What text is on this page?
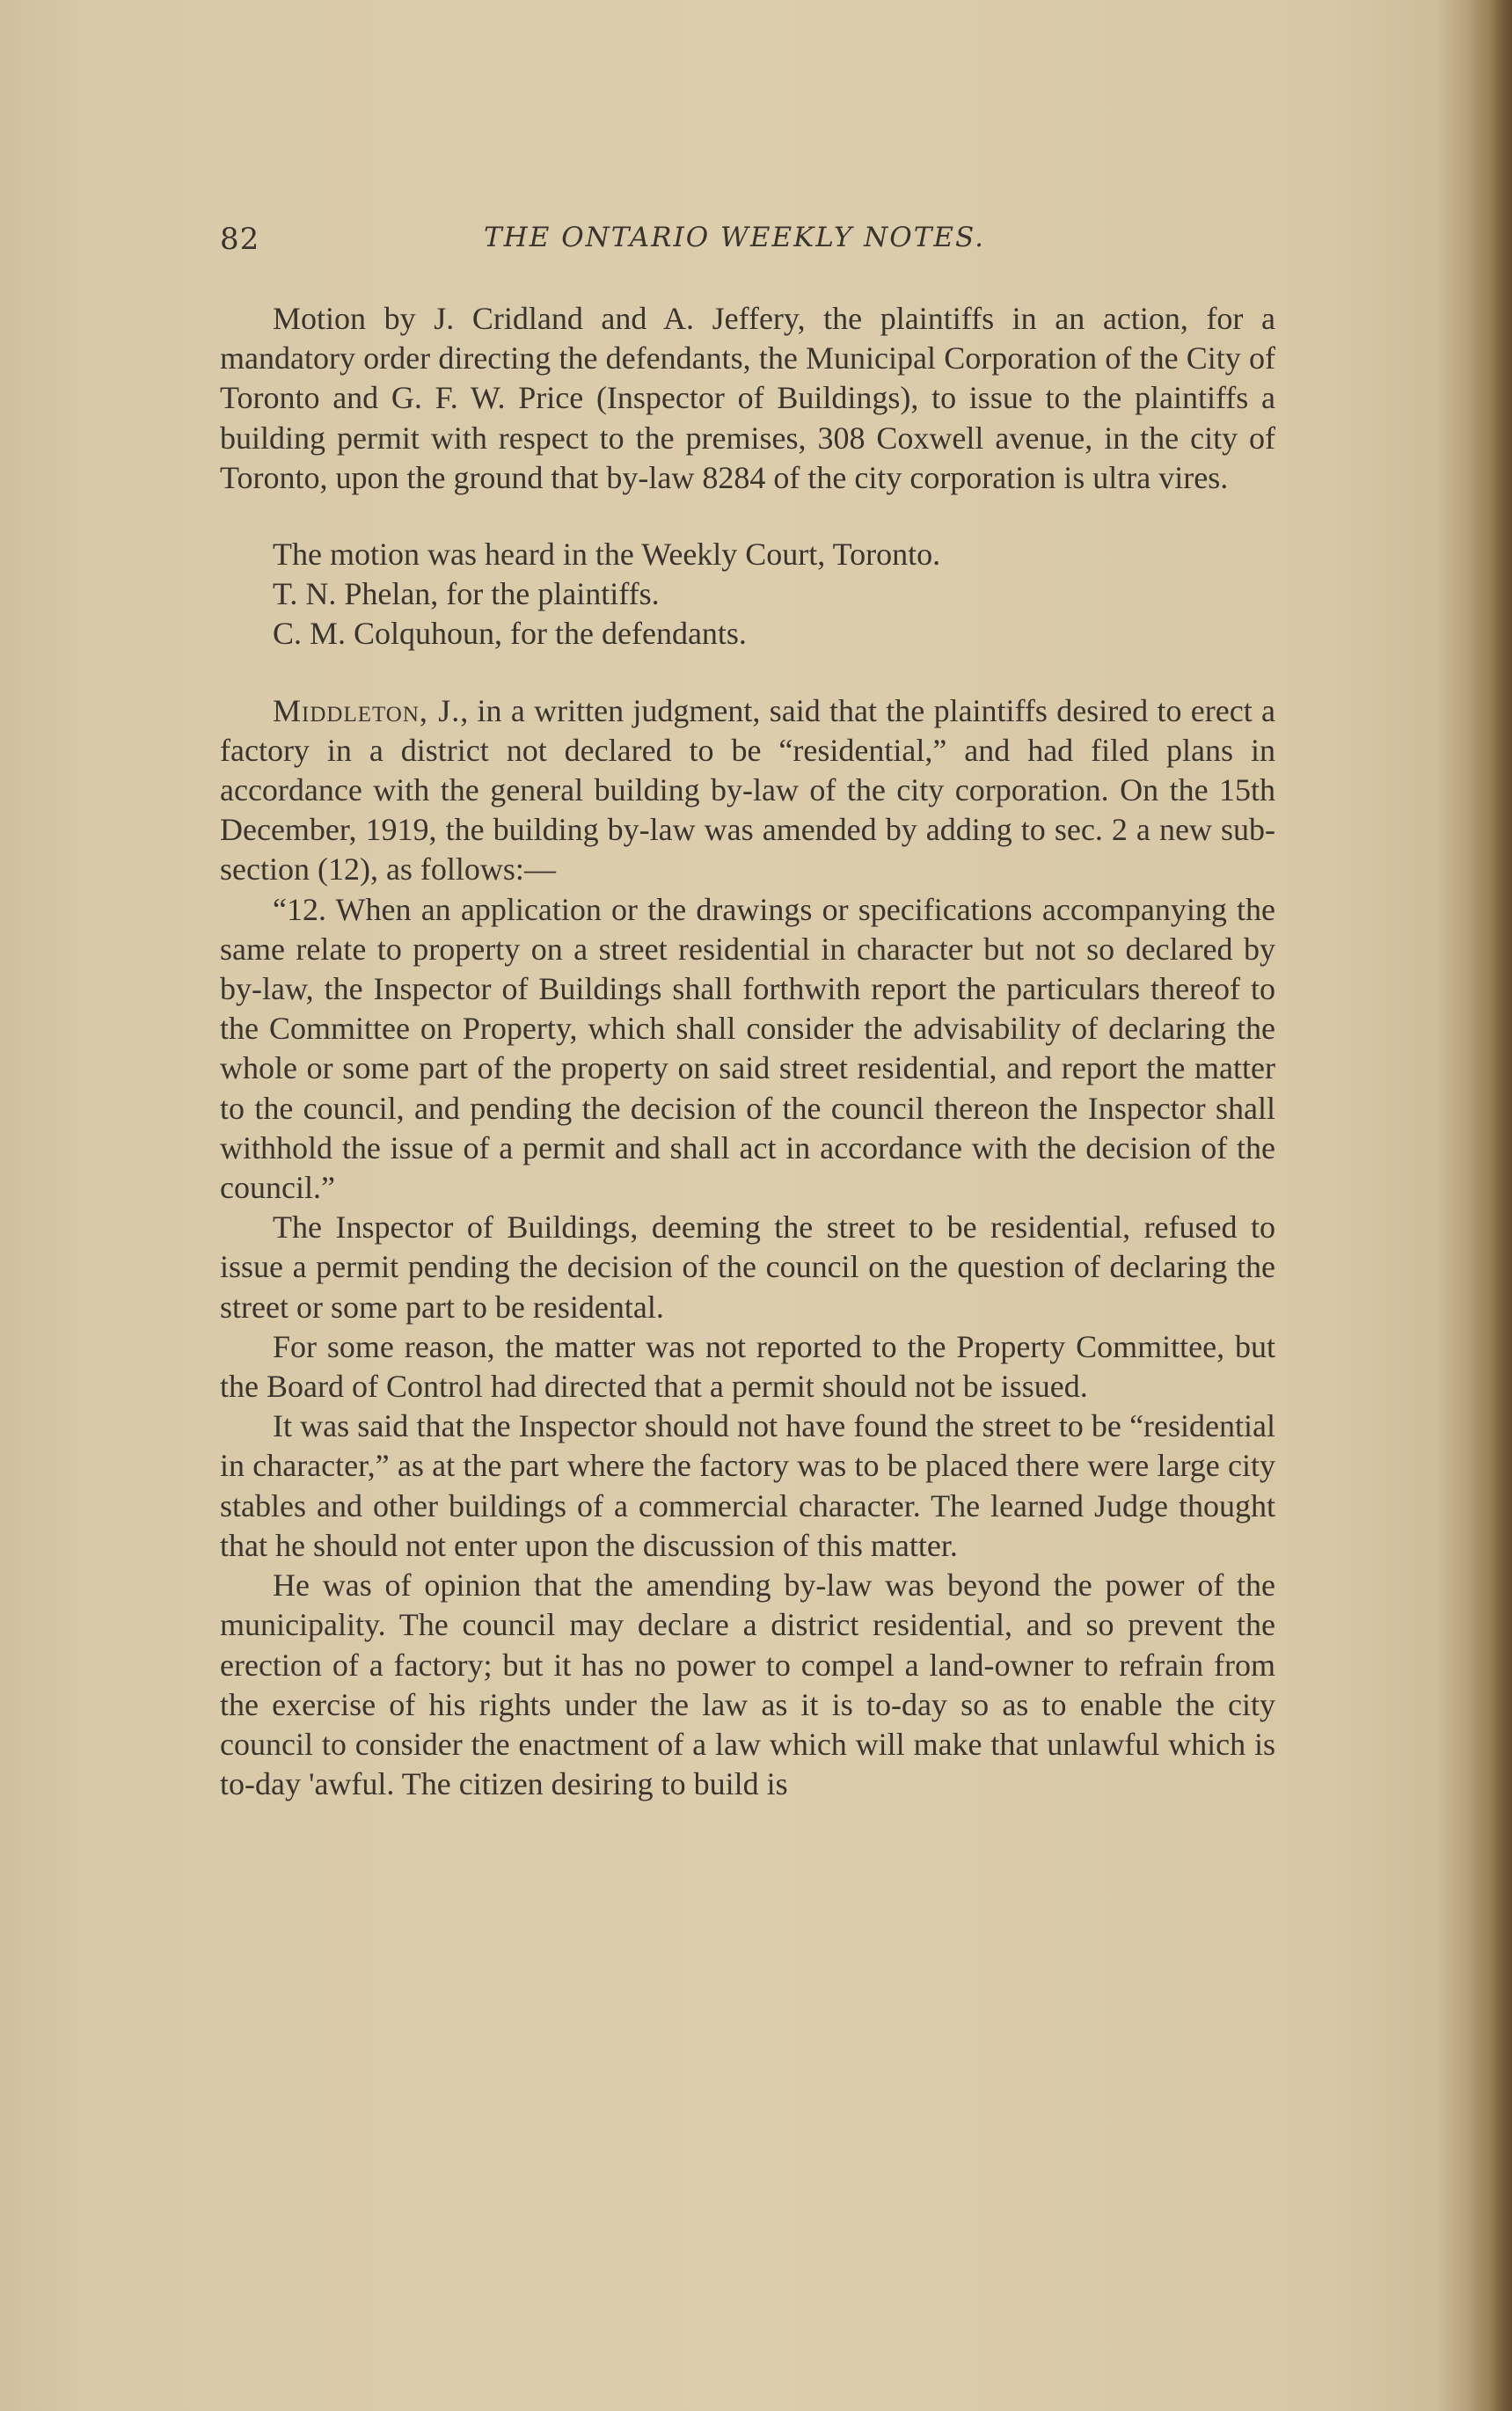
82	THE ONTARIO WEEKLY NOTES.

Motion by J. Cridland and A. Jeffery, the plaintiffs in an action, for a mandatory order directing the defendants, the Municipal Corporation of the City of Toronto and G. F. W. Price (Inspector of Buildings), to issue to the plaintiffs a building permit with respect to the premises, 308 Coxwell avenue, in the city of Toronto, upon the ground that by-law 8284 of the city corporation is ultra vires.

The motion was heard in the Weekly Court, Toronto.

T. N. Phelan, for the plaintiffs.

C. M. Colquhoun, for the defendants.

Middleton, J., in a written judgment, said that the plaintiffs desired to erect a factory in a district not declared to be “residential,” and had filed plans in accordance with the general building by-law of the city corporation. On the 15th December, 1919, the building by-law was amended by adding to sec. 2 a new sub-section (12), as follows:—

“12. When an application or the drawings or specifications accompanying the same relate to property on a street residential in character but not so declared by by-law, the Inspector of Buildings shall forthwith report the particulars thereof to the Committee on Property, which shall consider the advisability of declaring the whole or some part of the property on said street residential, and report the matter to the council, and pending the decision of the council thereon the Inspector shall withhold the issue of a permit and shall act in accordance with the decision of the council.”

The Inspector of Buildings, deeming the street to be residential, refused to issue a permit pending the decision of the council on the question of declaring the street or some part to be residental.

For some reason, the matter was not reported to the Property Committee, but the Board of Control had directed that a permit should not be issued.

It was said that the Inspector should not have found the street to be “residential in character,” as at the part where the factory was to be placed there were large city stables and other buildings of a commercial character. The learned Judge thought that he should not enter upon the discussion of this matter.

He was of opinion that the amending by-law was beyond the power of the municipality. The council may declare a district residential, and so prevent the erection of a factory; but it has no power to compel a land-owner to refrain from the exercise of his rights under the law as it is to-day so as to enable the city council to consider the enactment of a law which will make that unlawful which is to-day 'awful. The citizen desiring to build is
